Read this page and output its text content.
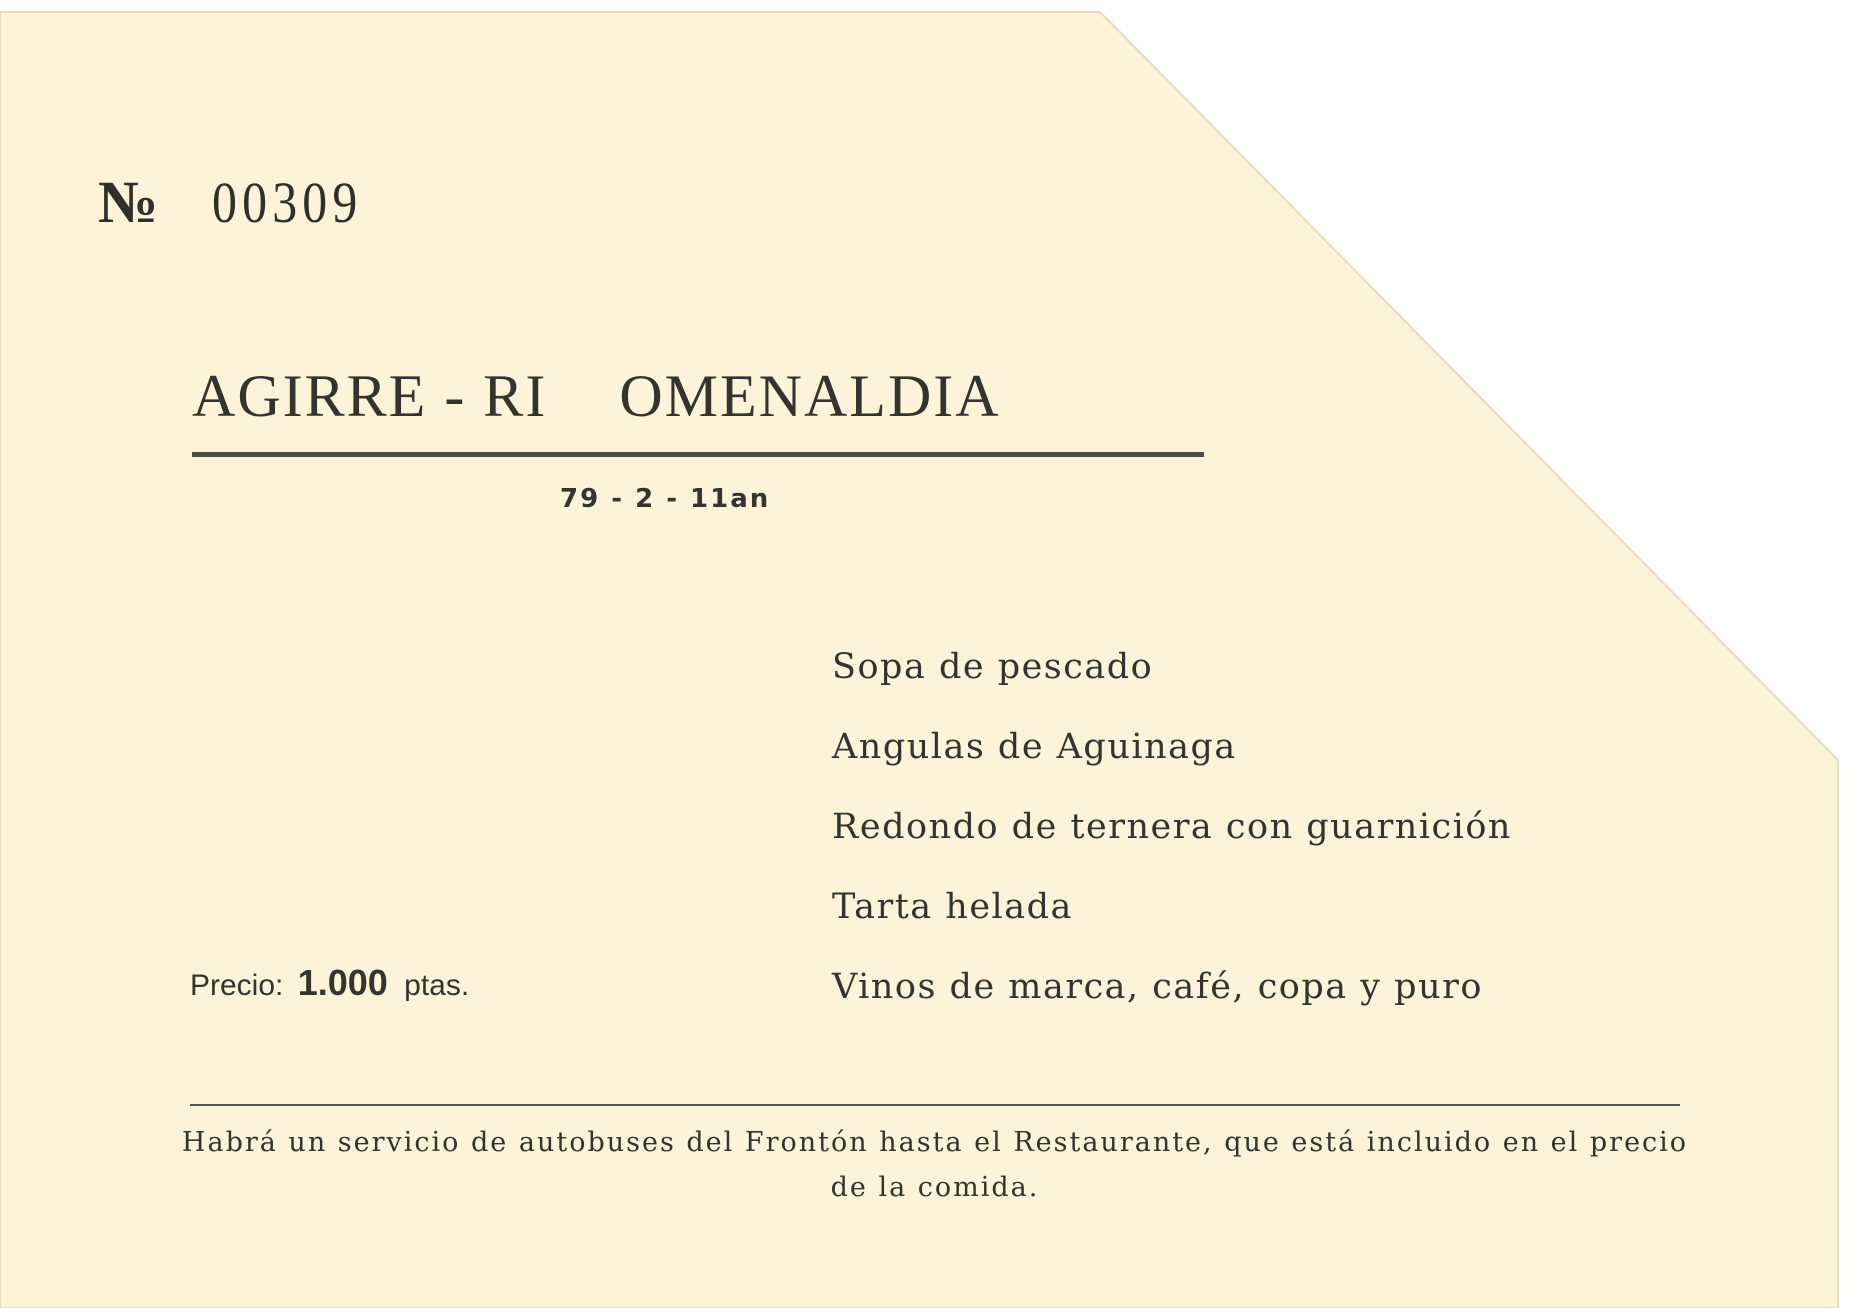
№ 00309
AGIRRE - RI OMENALDIA
79 - 2 - 11an
Sopa de pescado
Angulas de Aguinaga
Redondo de ternera con guarnición
Tarta helada
Vinos de marca, café, copa y puro
Precio: 1.000 ptas.
Habrá un servicio de autobuses del Frontón hasta el Restaurante, que está incluido en el precio de la comida.
